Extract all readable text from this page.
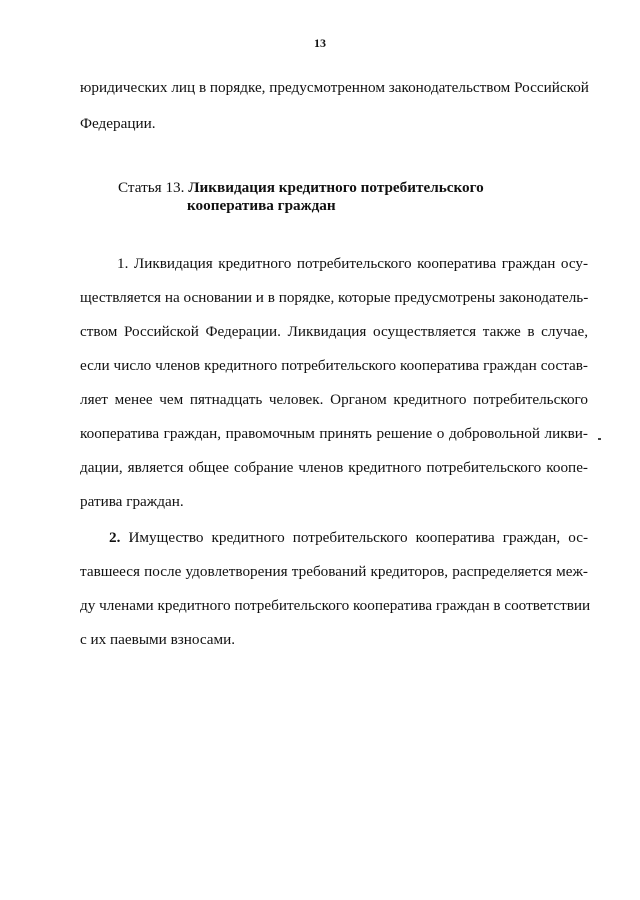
13
юридических лиц в порядке, предусмотренном законодательством Российской
Федерации.
Статья 13. Ликвидация кредитного потребительского
кооператива граждан
1. Ликвидация кредитного потребительского кооператива граждан осу-
ществляется на основании и в порядке, которые предусмотрены законодатель-
ством Российской Федерации. Ликвидация осуществляется также в случае,
если число членов кредитного потребительского кооператива граждан состав-
ляет менее чем пятнадцать человек. Органом кредитного потребительского
кооператива граждан, правомочным принять решение о добровольной ликви-
дации, является общее собрание членов кредитного потребительского коопе-
ратива граждан.
2. Имущество кредитного потребительского кооператива граждан, ос-
тавшееся после удовлетворения требований кредиторов, распределяется меж-
ду членами кредитного потребительского кооператива граждан в соответствии
с их паевыми взносами.
